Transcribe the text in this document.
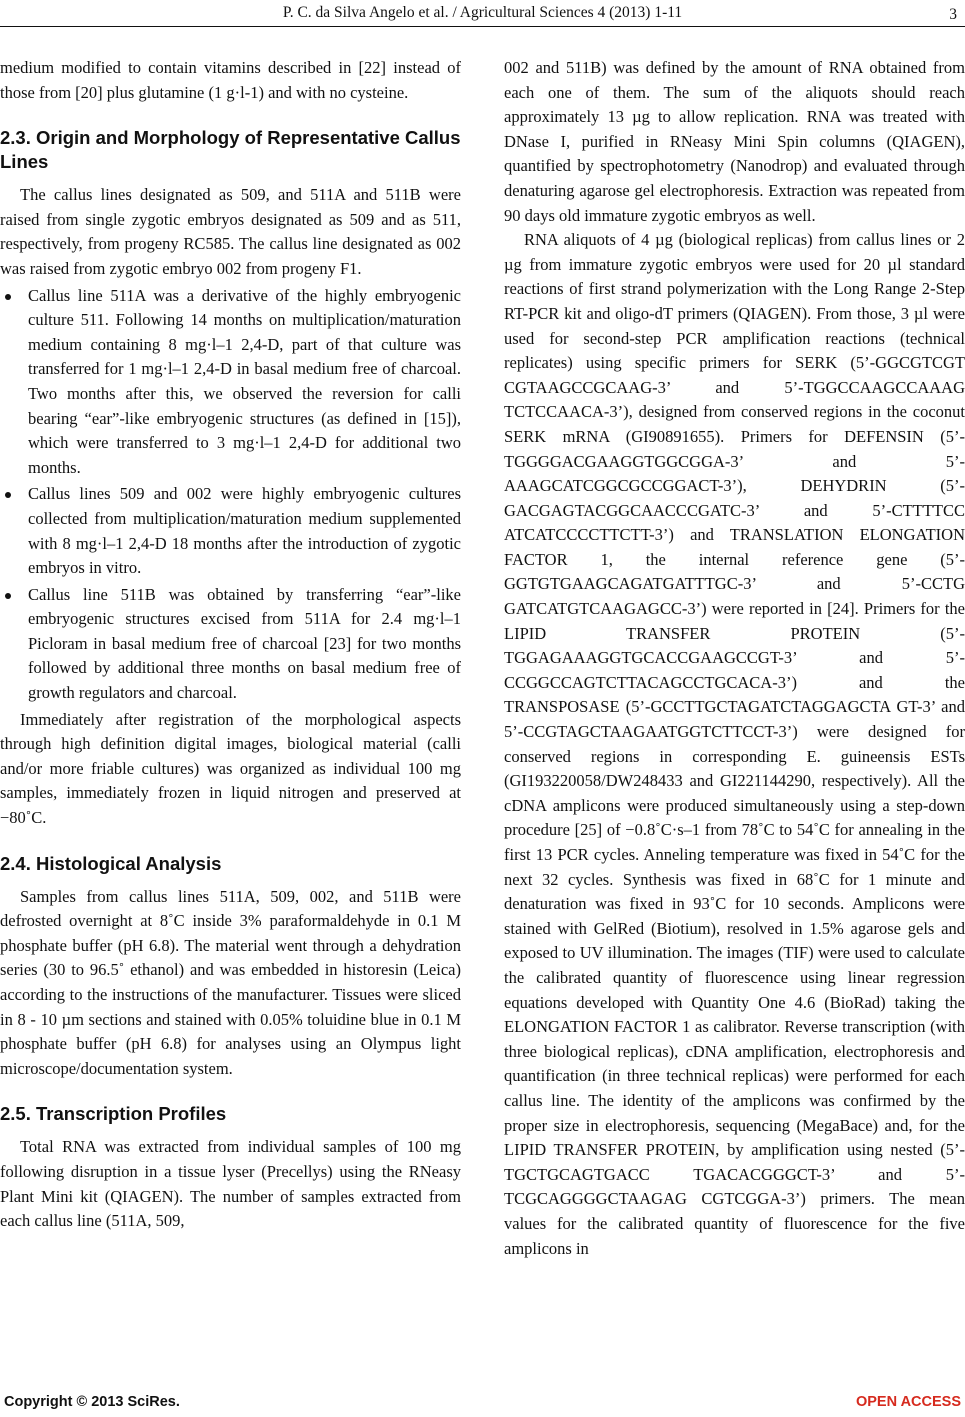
P. C. da Silva Angelo et al. / Agricultural Sciences 4 (2013) 1-11	3

medium modified to contain vitamins described in [22] instead of those from [20] plus glutamine (1 g·l-1) and with no cysteine.

2.3. Origin and Morphology of Representative Callus Lines

The callus lines designated as 509, and 511A and 511B were raised from single zygotic embryos designated as 509 and as 511, respectively, from progeny RC585. The callus line designated as 002 was raised from zygotic embryo 002 from progeny F1.

Callus line 511A was a derivative of the highly embryogenic culture 511. Following 14 months on multiplication/maturation medium containing 8 mg·l–1 2,4-D, part of that culture was transferred for 1 mg·l–1 2,4-D in basal medium free of charcoal. Two months after this, we observed the reversion for calli bearing “ear”-like embryogenic structures (as defined in [15]), which were transferred to 3 mg·l–1 2,4-D for additional two months.
Callus lines 509 and 002 were highly embryogenic cultures collected from multiplication/maturation medium supplemented with 8 mg·l–1 2,4-D 18 months after the introduction of zygotic embryos in vitro.
Callus line 511B was obtained by transferring “ear”-like embryogenic structures excised from 511A for 2.4 mg·l–1 Picloram in basal medium free of charcoal [23] for two months followed by additional three months on basal medium free of growth regulators and charcoal.

Immediately after registration of the morphological aspects through high definition digital images, biological material (calli and/or more friable cultures) was organized as individual 100 mg samples, immediately frozen in liquid nitrogen and preserved at −80˚C.

2.4. Histological Analysis

Samples from callus lines 511A, 509, 002, and 511B were defrosted overnight at 8˚C inside 3% paraformaldehyde in 0.1 M phosphate buffer (pH 6.8). The material went through a dehydration series (30 to 96.5˚ ethanol) and was embedded in historesin (Leica) according to the instructions of the manufacturer. Tissues were sliced in 8 - 10 µm sections and stained with 0.05% toluidine blue in 0.1 M phosphate buffer (pH 6.8) for analyses using an Olympus light microscope/documentation system.

2.5. Transcription Profiles

Total RNA was extracted from individual samples of 100 mg following disruption in a tissue lyser (Precellys) using the RNeasy Plant Mini kit (QIAGEN). The number of samples extracted from each callus line (511A, 509,

002 and 511B) was defined by the amount of RNA obtained from each one of them. The sum of the aliquots should reach approximately 13 µg to allow replication. RNA was treated with DNase I, purified in RNeasy Mini Spin columns (QIAGEN), quantified by spectrophotometry (Nanodrop) and evaluated through denaturing agarose gel electrophoresis. Extraction was repeated from 90 days old immature zygotic embryos as well.

RNA aliquots of 4 µg (biological replicas) from callus lines or 2 µg from immature zygotic embryos were used for 20 µl standard reactions of first strand polymerization with the Long Range 2-Step RT-PCR kit and oligo-dT primers (QIAGEN). From those, 3 µl were used for second-step PCR amplification reactions (technical replicates) using specific primers for SERK (5’-GGCGTCGT CGTAAGCCGCAAG-3’ and 5’-TGGCCAAGCCAAAG TCTCCAACA-3’), designed from conserved regions in the coconut SERK mRNA (GI90891655). Primers for DEFENSIN (5’-TGGGGACGAAGGTGGCGGA-3’ and 5’-AAAGCATCGGCGCCGGACT-3’), DEHYDRIN (5’-GACGAGTACGGCAACCCGATC-3’ and 5’-CTTTTCC ATCATCCCCTTCTT-3’) and TRANSLATION ELONGATION FACTOR 1, the internal reference gene (5’-GGTGTGAAGCAGATGATTTGC-3’ and 5’-CCTG GATCATGTCAAGAGCC-3’) were reported in [24]. Primers for the LIPID TRANSFER PROTEIN (5’-TGGAGAAAGGTGCACCGAAGCCGT-3’ and 5’-CCGGCCAGTCTTACAGCCTGCACA-3’) and the TRANSPOSASE (5’-GCCTTGCTAGATCTAGGAGCTA GT-3’ and 5’-CCGTAGCTAAGAATGGTCTTCCT-3’) were designed for conserved regions in corresponding E. guineensis ESTs (GI193220058/DW248433 and GI221144290, respectively). All the cDNA amplicons were produced simultaneously using a step-down procedure [25] of −0.8˚C·s–1 from 78˚C to 54˚C for annealing in the first 13 PCR cycles. Anneling temperature was fixed in 54˚C for the next 32 cycles. Synthesis was fixed in 68˚C for 1 minute and denaturation was fixed in 93˚C for 10 seconds. Amplicons were stained with GelRed (Biotium), resolved in 1.5% agarose gels and exposed to UV illumination. The images (TIF) were used to calculate the calibrated quantity of fluorescence using linear regression equations developed with Quantity One 4.6 (BioRad) taking the ELONGATION FACTOR 1 as calibrator. Reverse transcription (with three biological replicas), cDNA amplification, electrophoresis and quantification (in three technical replicas) were performed for each callus line. The identity of the amplicons was confirmed by the proper size in electrophoresis, sequencing (MegaBace) and, for the LIPID TRANSFER PROTEIN, by amplification using nested (5’-TGCTGCAGTGACC TGACACGGGCT-3’ and 5’-TCGCAGGGGCTAAGAG CGTCGGA-3’) primers. The mean values for the calibrated quantity of fluorescence for the five amplicons in

Copyright © 2013 SciRes.	OPEN ACCESS
